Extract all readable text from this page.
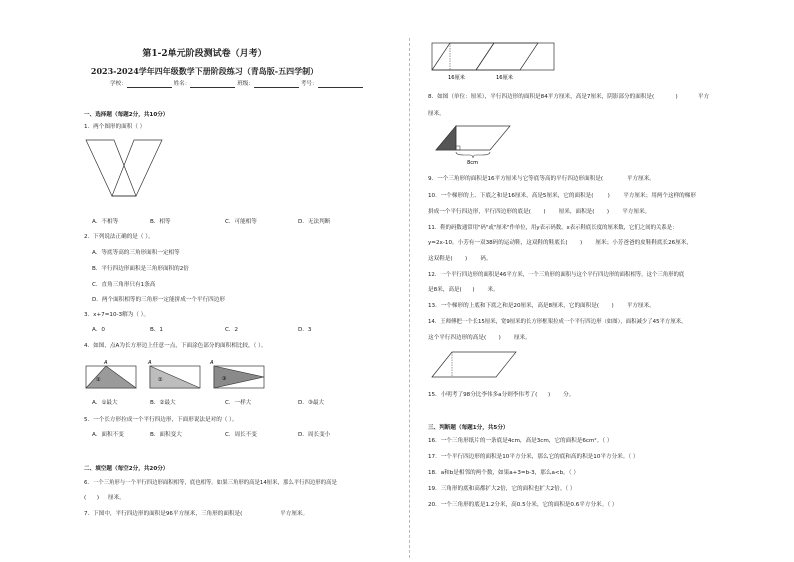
第1-2单元阶段测试卷（月考）
2023-2024学年四年级数学下册阶段练习（青岛版-五四学制）
学校：	姓名：	班级：	考号：
一、选择题（每题2分，共10分）
1．两个图形的面积（ ）
A．不相等	B．相等	C．可能相等	D．无法判断
2．下列说法正确的是（ ）。
A．等底等高的三角形面积一定相等
B．平行四边形面积是三角形面积的2倍
C．直角三角形只有1条高
D．两个面积相等的三角形一定能拼成一个平行四边形
3．x+7=10-3解为（ ）。
A．0	B．1	C．2	D．3
4．如图，点A为长方形边上任意一点，下面涂色部分的面积相比较，（ ）。
A
①
A
②
A
③
A．①最大	B．②最大	C．一样大	D．③最大
5．一个长方形拉成一个平行四边形，下面形说法是对的（ ）。
A．面积不变	B．面积变大	C．周长不变	D．周长变小
二、填空题（每空2分，共20分）
6．一个三角形与一个平行四边形面积相等，底也相等。如果三角形的高是14厘米，那么平行四边形的高是
(      ) 厘米。
7．下图中，平行四边形的面积是96平方厘米，三角形的面积是(	平方厘米。
16厘米	16厘米
8．如图（单位：厘米），平行四边形的面积是84平方厘米，高是7厘米，阴影部分的面积是(            )	平方
厘米。
8cm
9．一个三角形的面积是16平方厘米与它等底等高的平行四边形面积是(        平方厘米。
10．一个梯形的上、下底之和是16厘米，高是5厘米，它的面积是(        ) 平方厘米；用两个这样的梯形
拼成一个平行四边形，平行四边形的底是(       ) 厘米，面积是(       ) 平方厘米。
11．鞋的码数通常用"码"或"厘米"作单位，用y表示码数，x表示鞋底长度的厘米数，它们之间的关系是：
y=2x-10。小芳有一双38码的运动鞋，这双鞋的鞋底长(       ) 厘米；小芳爸爸的皮鞋鞋底长26厘米，
这双鞋是(       ) 码。
12．一个平行四边形的面积是46平方米，一个三角形的面积与这个平行四边形的面积相等，这个三角形的底
是8米，高是(      ) 米。
13．一个梯形的上底和下底之和是20厘米，高是8厘米，它的面积是(       ) 平方厘米。
14．王师傅把一个长15厘米，宽9厘米的长方形框架拉成一个平行四边形（如图），面积减少了45平方厘米，
这个平行四边形的高是(       ) 厘米。
15．小明考了98分比李伟多a分则李伟考了(      ) 分。
三、判断题（每题1分，共5分）
16．一个三角形纸片的一条底是4cm，高是3cm，它的面积是6cm²。（ ）
17．一个平行四边形的面积是10平方分米，那么它的底和高的积是10平方分米。（ ）
18．a和b是相邻的两个数，如果a+3=b-3，那么a<b。（ ）
19．三角形的底和高都扩大2倍，它的面积也扩大2倍。（ ）
20．一个三角形的底是1.2分米，高0.5分米，它的面积是0.6平方分米。（ ）
